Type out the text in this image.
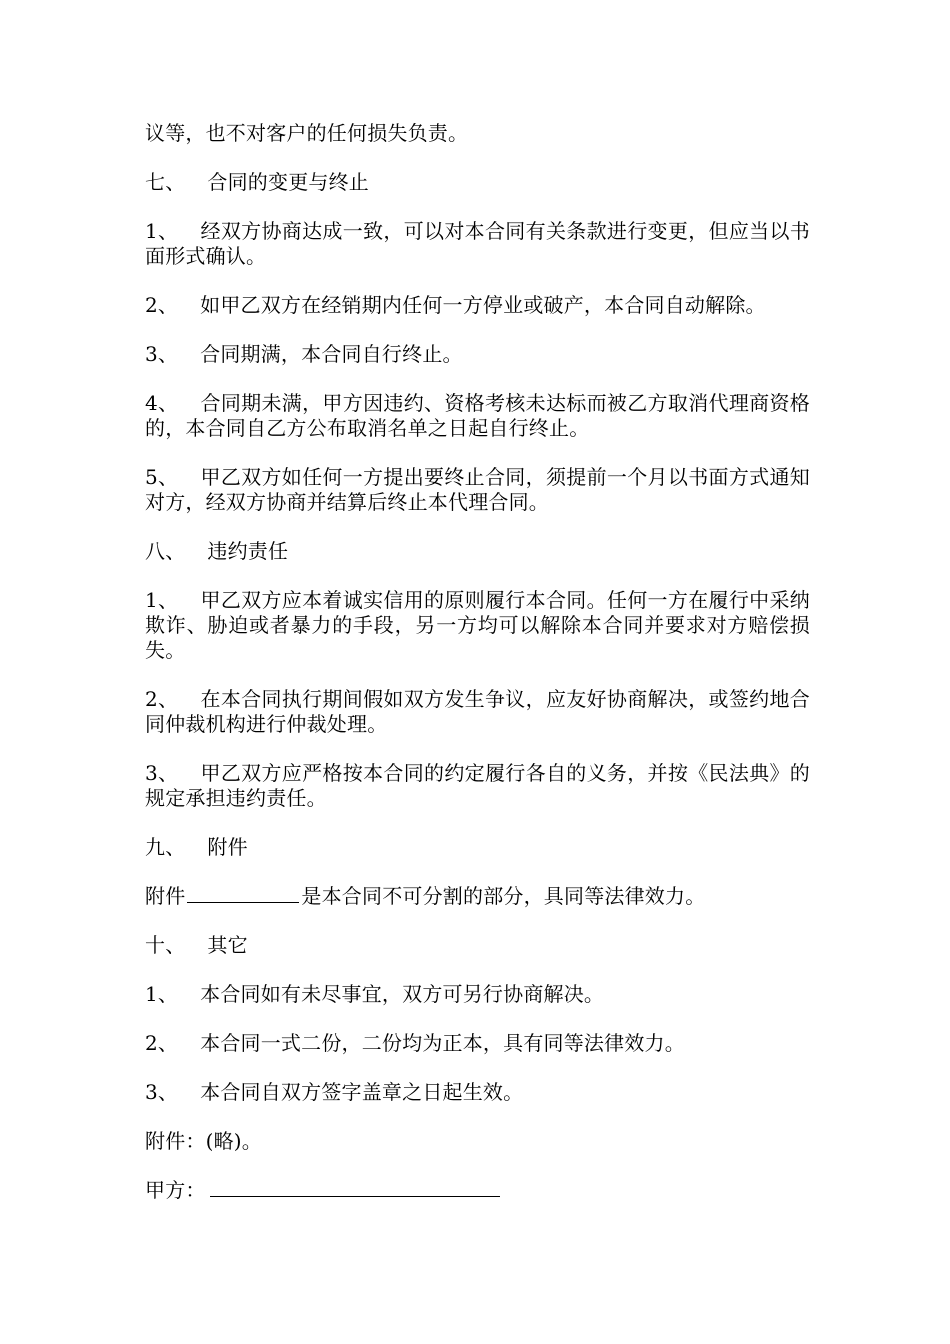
议等，也不对客户的任何损失负责。

七、 合同的变更与终止

1、 经双方协商达成一致，可以对本合同有关条款进行变更，但应当以书面形式确认。

2、 如甲乙双方在经销期内任何一方停业或破产，本合同自动解除。

3、 合同期满，本合同自行终止。

4、 合同期未满，甲方因违约、资格考核未达标而被乙方取消代理商资格的，本合同自乙方公布取消名单之日起自行终止。

5、 甲乙双方如任何一方提出要终止合同，须提前一个月以书面方式通知对方，经双方协商并结算后终止本代理合同。

八、 违约责任

1、 甲乙双方应本着诚实信用的原则履行本合同。任何一方在履行中采纳欺诈、胁迫或者暴力的手段，另一方均可以解除本合同并要求对方赔偿损失。

2、 在本合同执行期间假如双方发生争议，应友好协商解决，或签约地合同仲裁机构进行仲裁处理。

3、 甲乙双方应严格按本合同的约定履行各自的义务，并按《民法典》的规定承担违约责任。

九、 附件

附件	是本合同不可分割的部分，具同等法律效力。

十、 其它

1、 本合同如有未尽事宜，双方可另行协商解决。

2、 本合同一式二份，二份均为正本，具有同等法律效力。

3、 本合同自双方签字盖章之日起生效。

附件：(略)。

甲方：
